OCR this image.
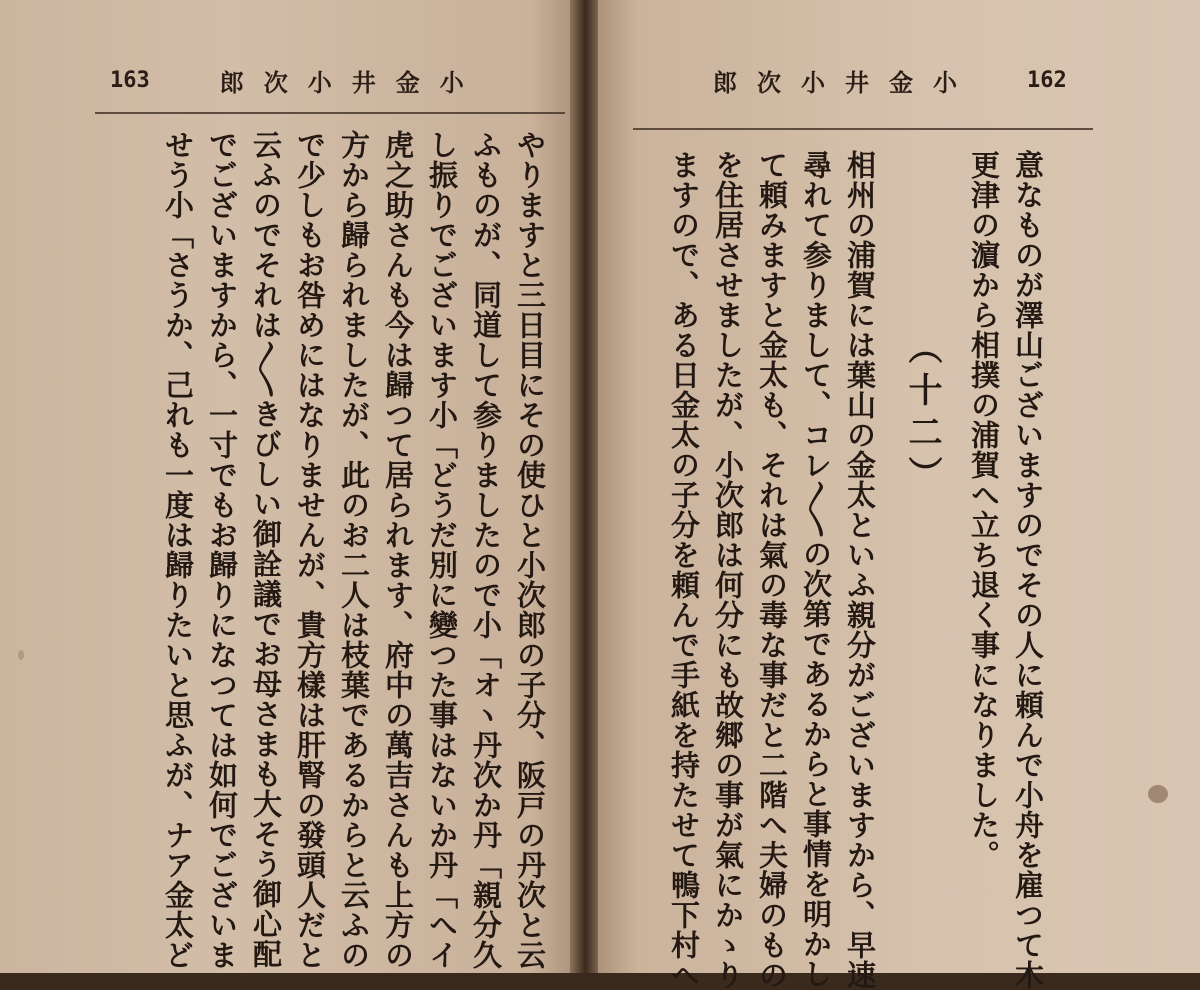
163	小金井小次郎	小金井小次郎 162
意なものが澤山ございますのでその人に頼んで小舟を雇つて木
更津の濵から相撲の浦賀へ立ち退く事になりました。
（十二）
相州の浦賀には葉山の金太といふ親分がございますから、早速
尋れて参りまして、コレ〳〵の次第であるからと事情を明かし
て頼みますと金太も、それは氣の毒な事だと二階へ夫婦のもの
を住居させましたが、小次郎は何分にも故郷の事が氣にかゝり
ますので、ある日金太の子分を頼んで手紙を持たせて鴨下村へ
やりますと三日目にその使ひと小次郎の子分、阪戸の丹次と云
ふものが、同道して参りましたので小「オヽ丹次か丹「親分久
し振りでございます小「どうだ別に變つた事はないか丹「へイ
虎之助さんも今は歸つて居られます、府中の萬吉さんも上方の
方から歸られましたが、此のお二人は枝葉であるからと云ふの
で少しもお咎めにはなりませんが、貴方樣は肝腎の發頭人だと
云ふのでそれは〳〵きびしい御詮議でお母さまも大そう御心配
でございますから、一寸でもお歸りになつては如何でございま
せう小「さうか、己れも一度は歸りたいと思ふが、ナア金太ど
